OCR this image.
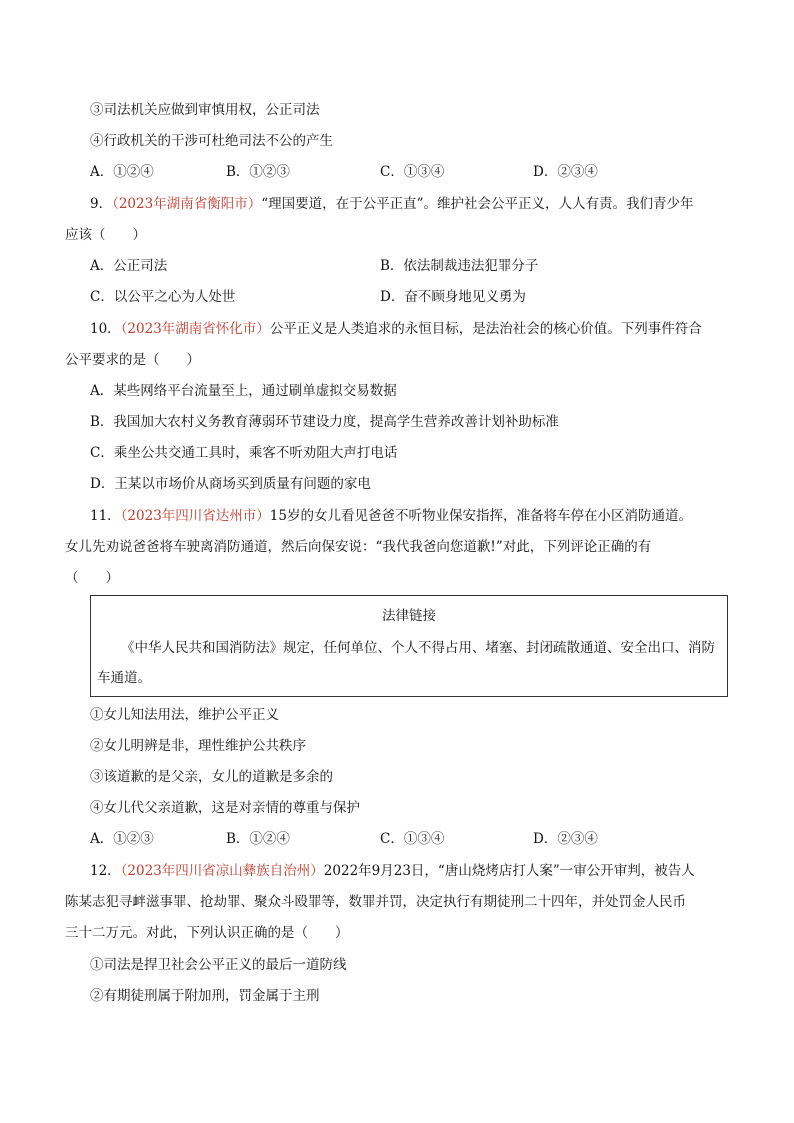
③司法机关应做到审慎用权，公正司法
④行政机关的干涉可杜绝司法不公的产生
A．①②④	B．①②③	C．①③④	D．②③④
9．（2023年湖南省衡阳市）“理国要道，在于公平正直”。维护社会公平正义，人人有责。我们青少年
应该（　　）
A．公正司法	B．依法制裁违法犯罪分子
C．以公平之心为人处世	D．奋不顾身地见义勇为
10．（2023年湖南省怀化市）公平正义是人类追求的永恒目标，是法治社会的核心价值。下列事件符合
公平要求的是（　　）
A．某些网络平台流量至上，通过刷单虚拟交易数据
B．我国加大农村义务教育薄弱环节建设力度，提高学生营养改善计划补助标准
C．乘坐公共交通工具时，乘客不听劝阻大声打电话
D．王某以市场价从商场买到质量有问题的家电
11．（2023年四川省达州市）15岁的女儿看见爸爸不听物业保安指挥，准备将车停在小区消防通道。
女儿先劝说爸爸将车驶离消防通道，然后向保安说：“我代我爸向您道歉!”对此，下列评论正确的有
（　　）
法律链接
《中华人民共和国消防法》规定，任何单位、个人不得占用、堵塞、封闭疏散通道、安全出口、消防
车通道。
①女儿知法用法，维护公平正义
②女儿明辨是非，理性维护公共秩序
③该道歉的是父亲，女儿的道歉是多余的
④女儿代父亲道歉，这是对亲情的尊重与保护
A．①②③	B．①②④	C．①③④	D．②③④
12．（2023年四川省凉山彝族自治州）2022年9月23日，“唐山烧烤店打人案”一审公开审判，被告人
陈某志犯寻衅滋事罪、抢劫罪、聚众斗殴罪等，数罪并罚，决定执行有期徒刑二十四年，并处罚金人民币
三十二万元。对此，下列认识正确的是（　　）
①司法是捍卫社会公平正义的最后一道防线
②有期徒刑属于附加刑，罚金属于主刑
